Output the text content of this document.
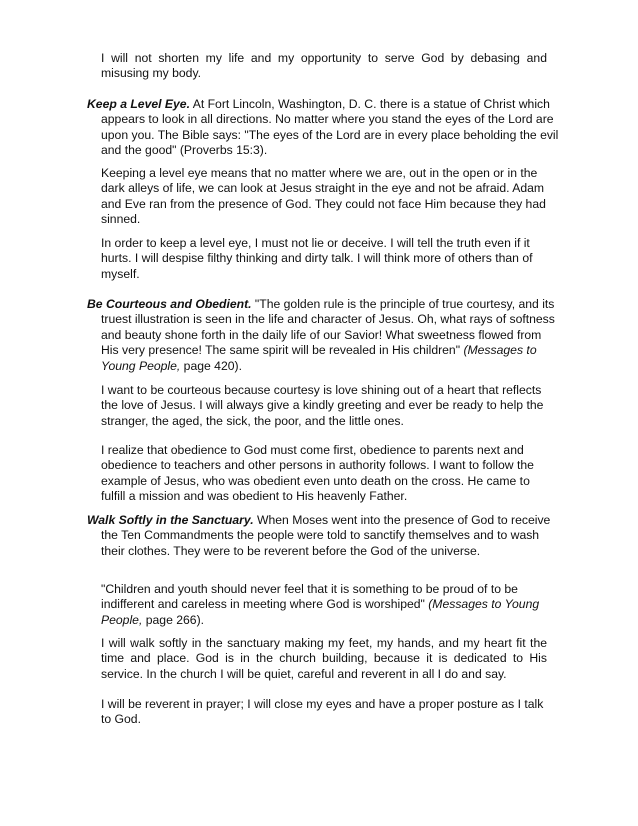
I will not shorten my life and my opportunity to serve God by debasing and misusing my body.

Keep a Level Eye. At Fort Lincoln, Washington, D. C. there is a statue of Christ which appears to look in all directions. No matter where you stand the eyes of the Lord are upon you. The Bible says: "The eyes of the Lord are in every place beholding the evil and the good" (Proverbs 15:3).

Keeping a level eye means that no matter where we are, out in the open or in the dark alleys of life, we can look at Jesus straight in the eye and not be afraid. Adam and Eve ran from the presence of God. They could not face Him because they had sinned.

In order to keep a level eye, I must not lie or deceive. I will tell the truth even if it hurts. I will despise filthy thinking and dirty talk. I will think more of others than of myself.

Be Courteous and Obedient. "The golden rule is the principle of true courtesy, and its truest illustration is seen in the life and character of Jesus. Oh, what rays of softness and beauty shone forth in the daily life of our Savior! What sweetness flowed from His very presence! The same spirit will be revealed in His children" (Messages to Young People, page 420).

I want to be courteous because courtesy is love shining out of a heart that reflects the love of Jesus. I will always give a kindly greeting and ever be ready to help the stranger, the aged, the sick, the poor, and the little ones.

I realize that obedience to God must come first, obedience to parents next and obedience to teachers and other persons in authority follows. I want to follow the example of Jesus, who was obedient even unto death on the cross. He came to fulfill a mission and was obedient to His heavenly Father.

Walk Softly in the Sanctuary. When Moses went into the presence of God to receive the Ten Commandments the people were told to sanctify themselves and to wash their clothes. They were to be reverent before the God of the universe.

"Children and youth should never feel that it is something to be proud of to be indifferent and careless in meeting where God is worshiped" (Messages to Young People, page 266).

I will walk softly in the sanctuary making my feet, my hands, and my heart fit the time and place. God is in the church building, because it is dedicated to His service. In the church I will be quiet, careful and reverent in all I do and say.

I will be reverent in prayer; I will close my eyes and have a proper posture as I talk to God.
